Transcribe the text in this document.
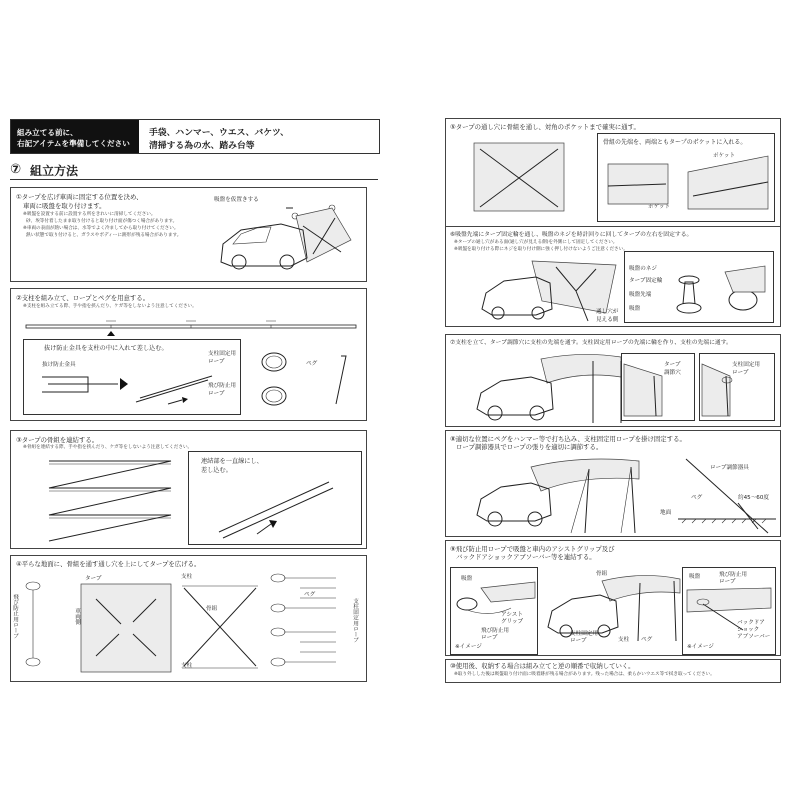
組み立てる前に、
右記アイテムを準備してください
手袋、ハンマー、ウエス、バケツ、
清掃する為の水、踏み台等
⑦ 組立方法
①タープを広げ車両に固定する位置を決め、
車両に吸盤を取り付けます。
※吸盤を設置する前に設置する所をきれいに清掃してください。
砂、埃等付着したまま取り付けると取り付け面が傷つく場合があります。
※車両の表面が熱い場合は、水等でよく冷ましてから取り付けてください。
熱い状態で取り付けると、ガラスやボディーに跡形が残る場合があります。
吸盤を仮置きする
②支柱を組み立て、ロープとペグを用意する。
※支柱を組み立てる際、手や指を挟んだり、ケガ等をしないよう注意してください。
抜け防止金具を支柱の中に入れて差し込む。
抜け防止金具
支柱固定用
ロープ
飛び防止用
ロープ
ペグ
③タープの骨組を連結する。
※骨組を連結する際、手や指を挟んだり、ケガ等をしないよう注意してください。
連結部を一直線にし、
差し込む。
④平らな地面に、骨組を通す通し穴を上にしてタープを広げる。
飛び防止用ロープ	車両側
タープ	支柱
骨組
支柱
ペグ
支柱固定用ロープ
⑤タープの通し穴に骨組を通し、対角のポケットまで確実に通す。
骨組の先端を、両端ともタープのポケットに入れる。
ポケット
ポケット
⑥吸盤先端にタープ固定輪を通し、吸盤のネジを時計回りに回してタープの左右を固定する。
※タープの通し穴がある面(通し穴が見える側)を外側にして固定してください。
※吸盤を取り付ける際にネジを取り付け側に強く押し付けないようご注意ください。
通し穴が
見える側
吸盤のネジ
タープ固定輪
吸盤先端
吸盤
⑦支柱を立て、タープ調節穴に支柱の先端を通す。支柱固定用ロープの先端に輪を作り、支柱の先端に通す。
タープ
調節穴
支柱固定用
ロープ
⑧適切な位置にペグをハンマー等で打ち込み、支柱固定用ロープを掛け固定する。
ロープ調節器具でロープの張りを適切に調節する。
ロープ調節器具
ペグ	約45〜60度
地面
⑨飛び防止用ロープで吸盤と車内のアシストグリップ及び
バックドアショックアブソーバー等を連結する。
吸盤
アシスト
グリップ
飛び防止用
ロープ
※イメージ
骨組
支柱固定用
ロープ	支柱 ペグ
吸盤	飛び防止用
ロープ
バックドア
ショック
アブソーバー
※イメージ
⑩使用後、収納する場合は組み立てと逆の順番で収納していく。
※取り外しした後は吸盤取り付け面に吸着跡が残る場合があります。残った場合は、柔らかいウエス等で拭き取ってください。
